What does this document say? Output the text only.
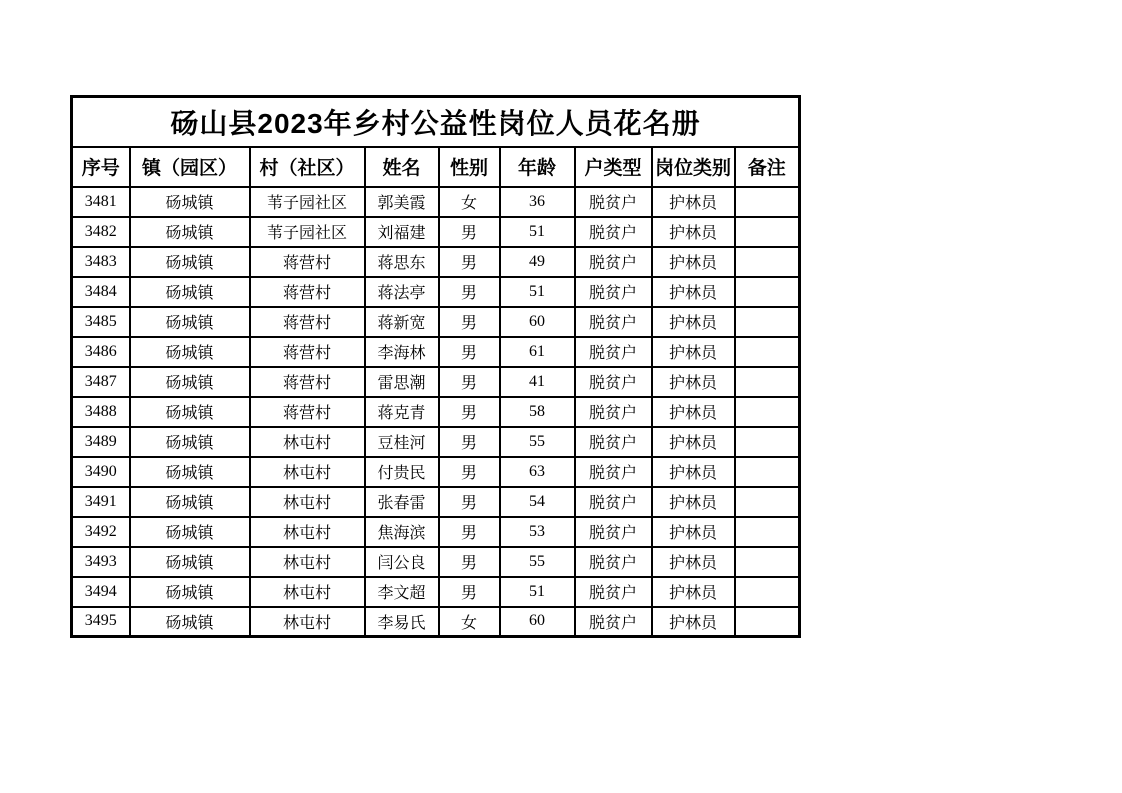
砀山县2023年乡村公益性岗位人员花名册								
序号	镇（园区）	村（社区）	姓名	性别	年龄	户类型	岗位类别	备注
3481	砀城镇	苇子园社区	郭美霞	女	36	脱贫户	护林员	
3482	砀城镇	苇子园社区	刘福建	男	51	脱贫户	护林员	
3483	砀城镇	蒋营村	蒋思东	男	49	脱贫户	护林员	
3484	砀城镇	蒋营村	蒋法亭	男	51	脱贫户	护林员	
3485	砀城镇	蒋营村	蒋新宽	男	60	脱贫户	护林员	
3486	砀城镇	蒋营村	李海林	男	61	脱贫户	护林员	
3487	砀城镇	蒋营村	雷思潮	男	41	脱贫户	护林员	
3488	砀城镇	蒋营村	蒋克青	男	58	脱贫户	护林员	
3489	砀城镇	林屯村	豆桂河	男	55	脱贫户	护林员	
3490	砀城镇	林屯村	付贵民	男	63	脱贫户	护林员	
3491	砀城镇	林屯村	张春雷	男	54	脱贫户	护林员	
3492	砀城镇	林屯村	焦海滨	男	53	脱贫户	护林员	
3493	砀城镇	林屯村	闫公良	男	55	脱贫户	护林员	
3494	砀城镇	林屯村	李文超	男	51	脱贫户	护林员	
3495	砀城镇	林屯村	李易氏	女	60	脱贫户	护林员	
